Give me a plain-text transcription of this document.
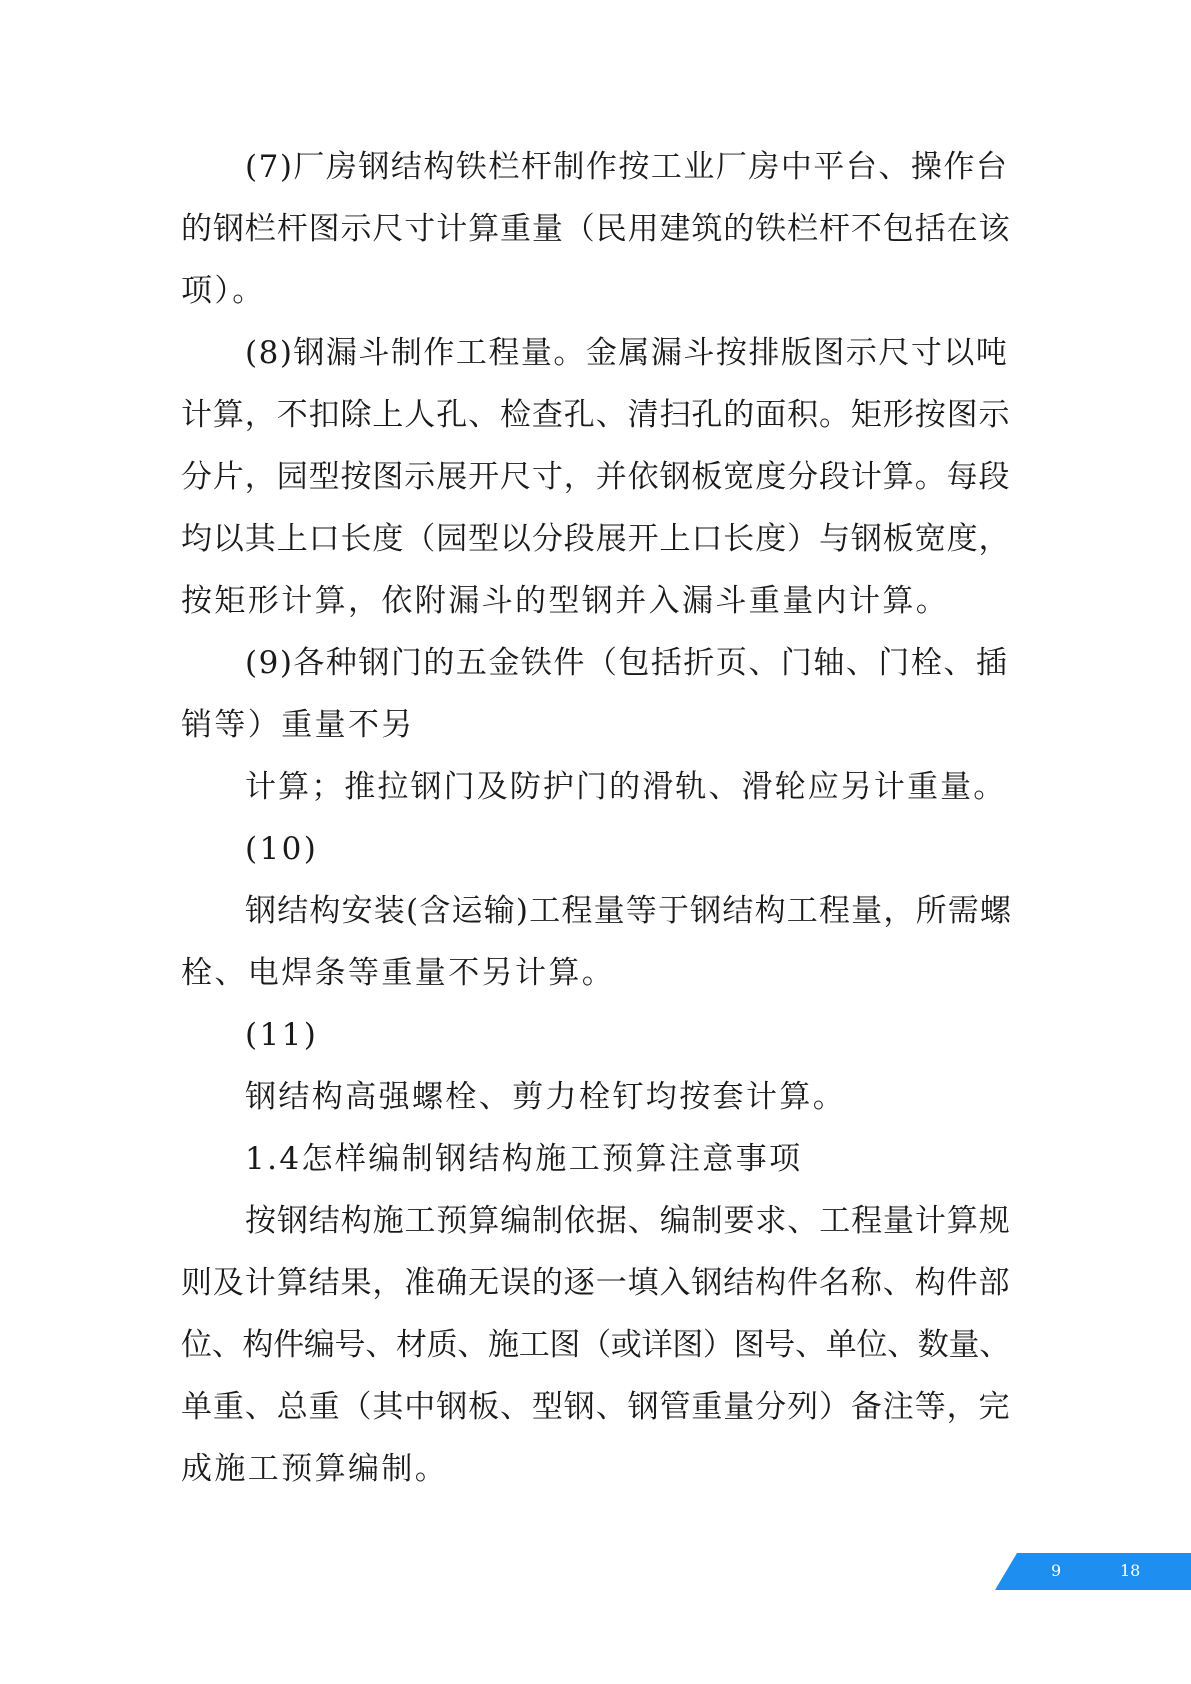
(7)厂房钢结构铁栏杆制作按工业厂房中平台、操作台
的钢栏杆图示尺寸计算重量（民用建筑的铁栏杆不包括在该
项）。
(8)钢漏斗制作工程量。金属漏斗按排版图示尺寸以吨
计算，不扣除上人孔、检查孔、清扫孔的面积。矩形按图示
分片，园型按图示展开尺寸，并依钢板宽度分段计算。每段
均以其上口长度（园型以分段展开上口长度）与钢板宽度，
按矩形计算，依附漏斗的型钢并入漏斗重量内计算。
(9)各种钢门的五金铁件（包括折页、门轴、门栓、插
销等）重量不另
计算；推拉钢门及防护门的滑轨、滑轮应另计重量。
(10)
钢结构安装(含运输)工程量等于钢结构工程量，所需螺
栓、电焊条等重量不另计算。
(11)
钢结构高强螺栓、剪力栓钉均按套计算。
1.4怎样编制钢结构施工预算注意事项
按钢结构施工预算编制依据、编制要求、工程量计算规
则及计算结果，准确无误的逐一填入钢结构件名称、构件部
位、构件编号、材质、施工图（或详图）图号、单位、数量、
单重、总重（其中钢板、型钢、钢管重量分列）备注等，完
成施工预算编制。
9	18
